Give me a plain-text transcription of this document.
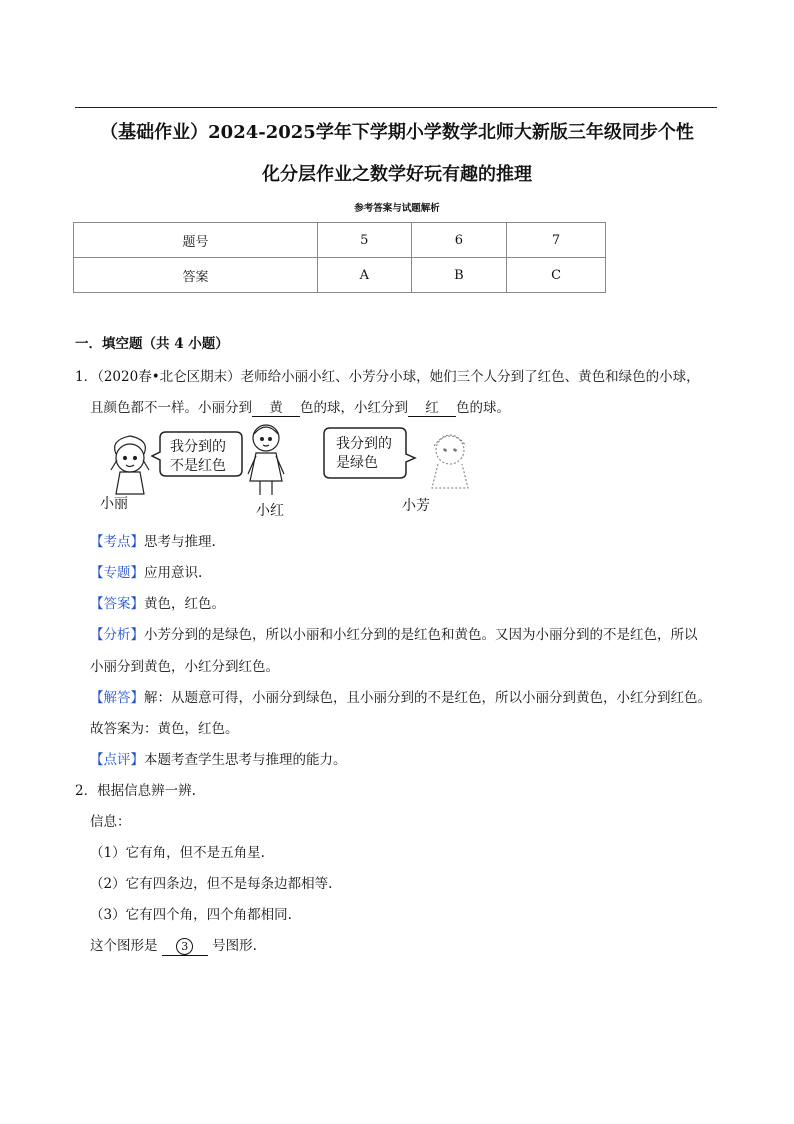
（基础作业）2024-2025学年下学期小学数学北师大新版三年级同步个性
化分层作业之数学好玩有趣的推理
参考答案与试题解析
题号	5	6	7
答案	A	B	C
一．填空题（共 4 小题）
1．（2020春•北仑区期末）老师给小丽小红、小芳分小球，她们三个人分到了红色、黄色和绿色的小球，
且颜色都不一样。小丽分到 黄 色的球，小红分到 红 色的球。
我分到的
不是红色
小丽	小红
我分到的
是绿色
小芳
【考点】思考与推理.
【专题】应用意识.
【答案】黄色，红色。
【分析】小芳分到的是绿色，所以小丽和小红分到的是红色和黄色。又因为小丽分到的不是红色，所以
小丽分到黄色，小红分到红色。
【解答】解：从题意可得，小丽分到绿色，且小丽分到的不是红色，所以小丽分到黄色，小红分到红色。
故答案为：黄色，红色。
【点评】本题考查学生思考与推理的能力。
2．根据信息辨一辨.
信息：
（1）它有角，但不是五角星.
（2）它有四条边，但不是每条边都相等.
（3）它有四个角，四个角都相同.
这个图形是 3 号图形.
